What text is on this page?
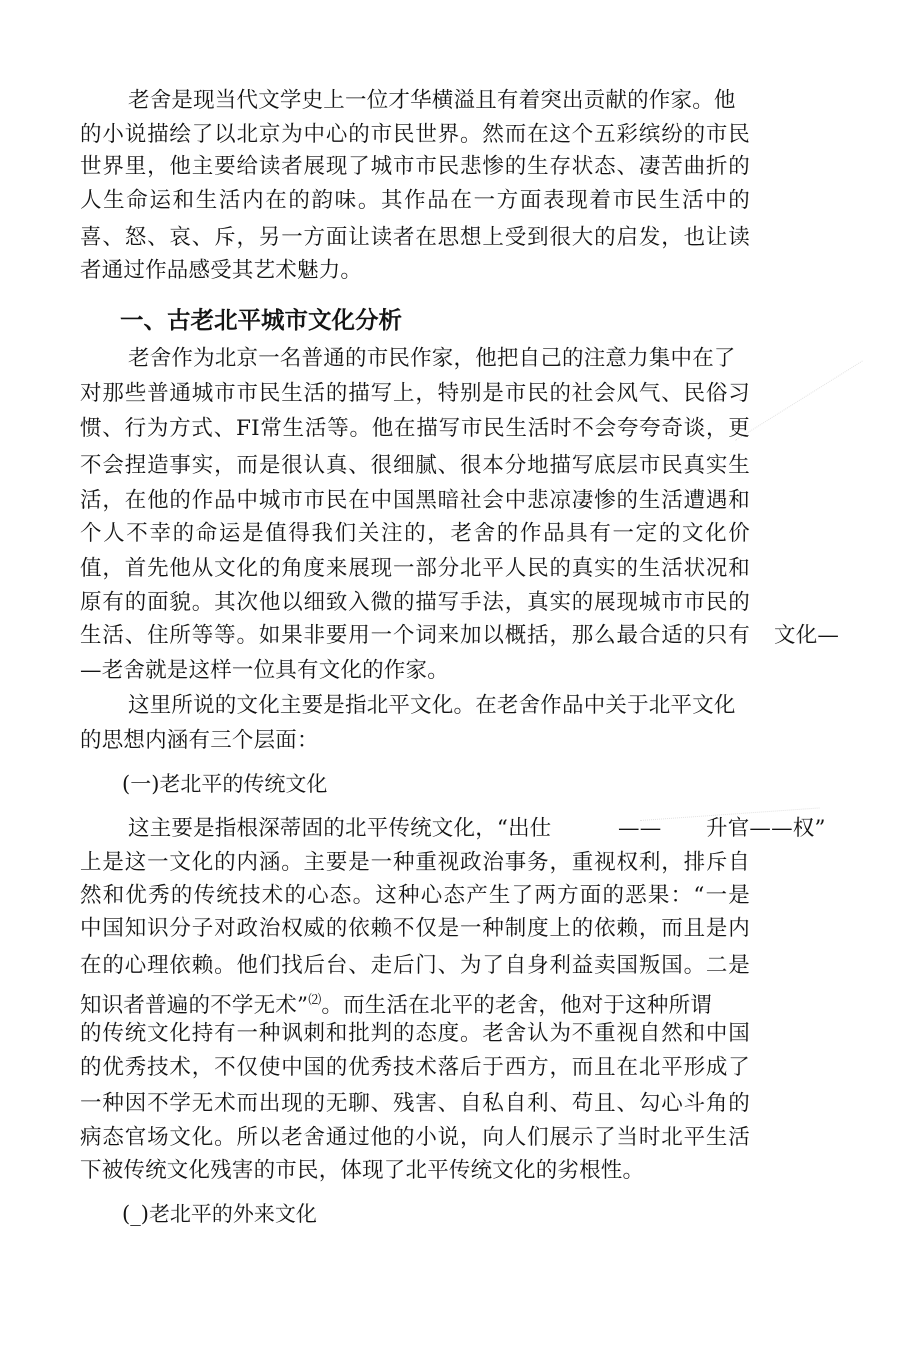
老舍是现当代文学史上一位才华横溢且有着突出贡献的作家。他
的小说描绘了以北京为中心的市民世界。然而在这个五彩缤纷的市民
世界里，他主要给读者展现了城市市民悲惨的生存状态、凄苦曲折的
人生命运和生活内在的韵味。其作品在一方面表现着市民生活中的
喜、怒、哀、斥，另一方面让读者在思想上受到很大的启发，也让读
者通过作品感受其艺术魅力。
一、古老北平城市文化分析
老舍作为北京一名普通的市民作家，他把自己的注意力集中在了
对那些普通城市市民生活的描写上，特别是市民的社会风气、民俗习
惯、行为方式、FI常生活等。他在描写市民生活时不会夸夸奇谈，更
不会捏造事实，而是很认真、很细腻、很本分地描写底层市民真实生
活，在他的作品中城市市民在中国黑暗社会中悲凉凄惨的生活遭遇和
个人不幸的命运是值得我们关注的，老舍的作品具有一定的文化价
值，首先他从文化的角度来展现一部分北平人民的真实的生活状况和
原有的面貌。其次他以细致入微的描写手法，真实的展现城市市民的
生活、住所等等。如果非要用一个词来加以概括，那么最合适的只有 文化—
—老舍就是这样一位具有文化的作家。
这里所说的文化主要是指北平文化。在老舍作品中关于北平文化
的思想内涵有三个层面：
(一)老北平的传统文化
这主要是指根深蒂固的北平传统文化，“出仕	—— 升官——权”
上是这一文化的内涵。主要是一种重视政治事务，重视权利，排斥自
然和优秀的传统技术的心态。这种心态产生了两方面的恶果：“一是
中国知识分子对政治权威的依赖不仅是一种制度上的依赖，而且是内
在的心理依赖。他们找后台、走后门、为了自身利益卖国叛国。二是
知识者普遍的不学无术”⑵。而生活在北平的老舍，他对于这种所谓
的传统文化持有一种讽刺和批判的态度。老舍认为不重视自然和中国
的优秀技术，不仅使中国的优秀技术落后于西方，而且在北平形成了
一种因不学无术而出现的无聊、残害、自私自利、苟且、勾心斗角的
病态官场文化。所以老舍通过他的小说，向人们展示了当时北平生活
下被传统文化残害的市民，体现了北平传统文化的劣根性。
(_)老北平的外来文化
